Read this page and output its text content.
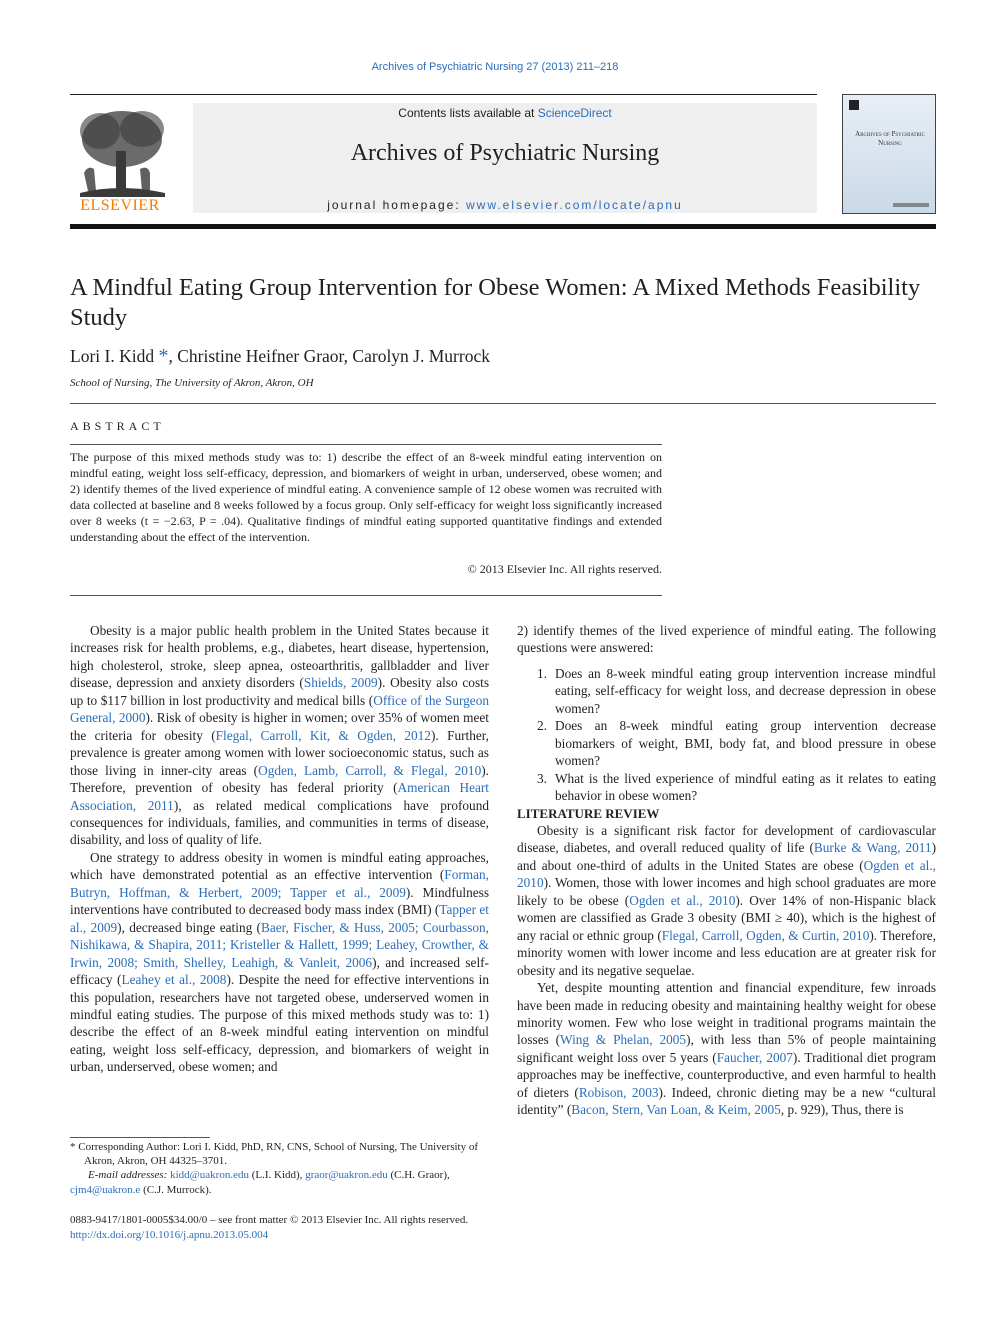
Archives of Psychiatric Nursing 27 (2013) 211–218
ELSEVIER
Contents lists available at ScienceDirect
Archives of Psychiatric Nursing
journal homepage: www.elsevier.com/locate/apnu
Archives of Psychiatric Nursing
A Mindful Eating Group Intervention for Obese Women: A Mixed Methods Feasibility Study
Lori I. Kidd *, Christine Heifner Graor, Carolyn J. Murrock
School of Nursing, The University of Akron, Akron, OH
ABSTRACT
The purpose of this mixed methods study was to: 1) describe the effect of an 8-week mindful eating intervention on mindful eating, weight loss self-efficacy, depression, and biomarkers of weight in urban, underserved, obese women; and 2) identify themes of the lived experience of mindful eating. A convenience sample of 12 obese women was recruited with data collected at baseline and 8 weeks followed by a focus group. Only self-efficacy for weight loss significantly increased over 8 weeks (t = −2.63, P = .04). Qualitative findings of mindful eating supported quantitative findings and extended understanding about the effect of the intervention.
© 2013 Elsevier Inc. All rights reserved.

Obesity is a major public health problem in the United States because it increases risk for health problems, e.g., diabetes, heart disease, hypertension, high cholesterol, stroke, sleep apnea, osteoarthritis, gallbladder and liver disease, depression and anxiety disorders (Shields, 2009). Obesity also costs up to $117 billion in lost productivity and medical bills (Office of the Surgeon General, 2000). Risk of obesity is higher in women; over 35% of women meet the criteria for obesity (Flegal, Carroll, Kit, & Ogden, 2012). Further, prevalence is greater among women with lower socioeconomic status, such as those living in inner-city areas (Ogden, Lamb, Carroll, & Flegal, 2010). Therefore, prevention of obesity has federal priority (American Heart Association, 2011), as related medical complications have profound consequences for individuals, families, and communities in terms of disease, disability, and loss of quality of life.

One strategy to address obesity in women is mindful eating approaches, which have demonstrated potential as an effective intervention (Forman, Butryn, Hoffman, & Herbert, 2009; Tapper et al., 2009). Mindfulness interventions have contributed to decreased body mass index (BMI) (Tapper et al., 2009), decreased binge eating (Baer, Fischer, & Huss, 2005; Courbasson, Nishikawa, & Shapira, 2011; Kristeller & Hallett, 1999; Leahey, Crowther, & Irwin, 2008; Smith, Shelley, Leahigh, & Vanleit, 2006), and increased self-efficacy (Leahey et al., 2008). Despite the need for effective interventions in this population, researchers have not targeted obese, underserved women in mindful eating studies. The purpose of this mixed methods study was to: 1) describe the effect of an 8-week mindful eating intervention on mindful eating, weight loss self-efficacy, depression, and biomarkers of weight in urban, underserved, obese women; and

2) identify themes of the lived experience of mindful eating. The following questions were answered:

1. Does an 8-week mindful eating group intervention increase mindful eating, self-efficacy for weight loss, and decrease depression in obese women?
2. Does an 8-week mindful eating group intervention decrease biomarkers of weight, BMI, body fat, and blood pressure in obese women?
3. What is the lived experience of mindful eating as it relates to eating behavior in obese women?

LITERATURE REVIEW

Obesity is a significant risk factor for development of cardiovascular disease, diabetes, and overall reduced quality of life (Burke & Wang, 2011) and about one-third of adults in the United States are obese (Ogden et al., 2010). Women, those with lower incomes and high school graduates are more likely to be obese (Ogden et al., 2010). Over 14% of non-Hispanic black women are classified as Grade 3 obesity (BMI ≥ 40), which is the highest of any racial or ethnic group (Flegal, Carroll, Ogden, & Curtin, 2010). Therefore, minority women with lower income and less education are at greater risk for obesity and its negative sequelae.

Yet, despite mounting attention and financial expenditure, few inroads have been made in reducing obesity and maintaining healthy weight for obese minority women. Few who lose weight in traditional programs maintain the losses (Wing & Phelan, 2005), with less than 5% of people maintaining significant weight loss over 5 years (Faucher, 2007). Traditional diet program approaches may be ineffective, counterproductive, and even harmful to health of dieters (Robison, 2003). Indeed, chronic dieting may be a new “cultural identity” (Bacon, Stern, Van Loan, & Keim, 2005, p. 929), Thus, there is

* Corresponding Author: Lori I. Kidd, PhD, RN, CNS, School of Nursing, The University of Akron, Akron, OH 44325–3701.
E-mail addresses: kidd@uakron.edu (L.I. Kidd), graor@uakron.edu (C.H. Graor),
cjm4@uakron.e (C.J. Murrock).
0883-9417/1801-0005$34.00/0 – see front matter © 2013 Elsevier Inc. All rights reserved.
http://dx.doi.org/10.1016/j.apnu.2013.05.004
